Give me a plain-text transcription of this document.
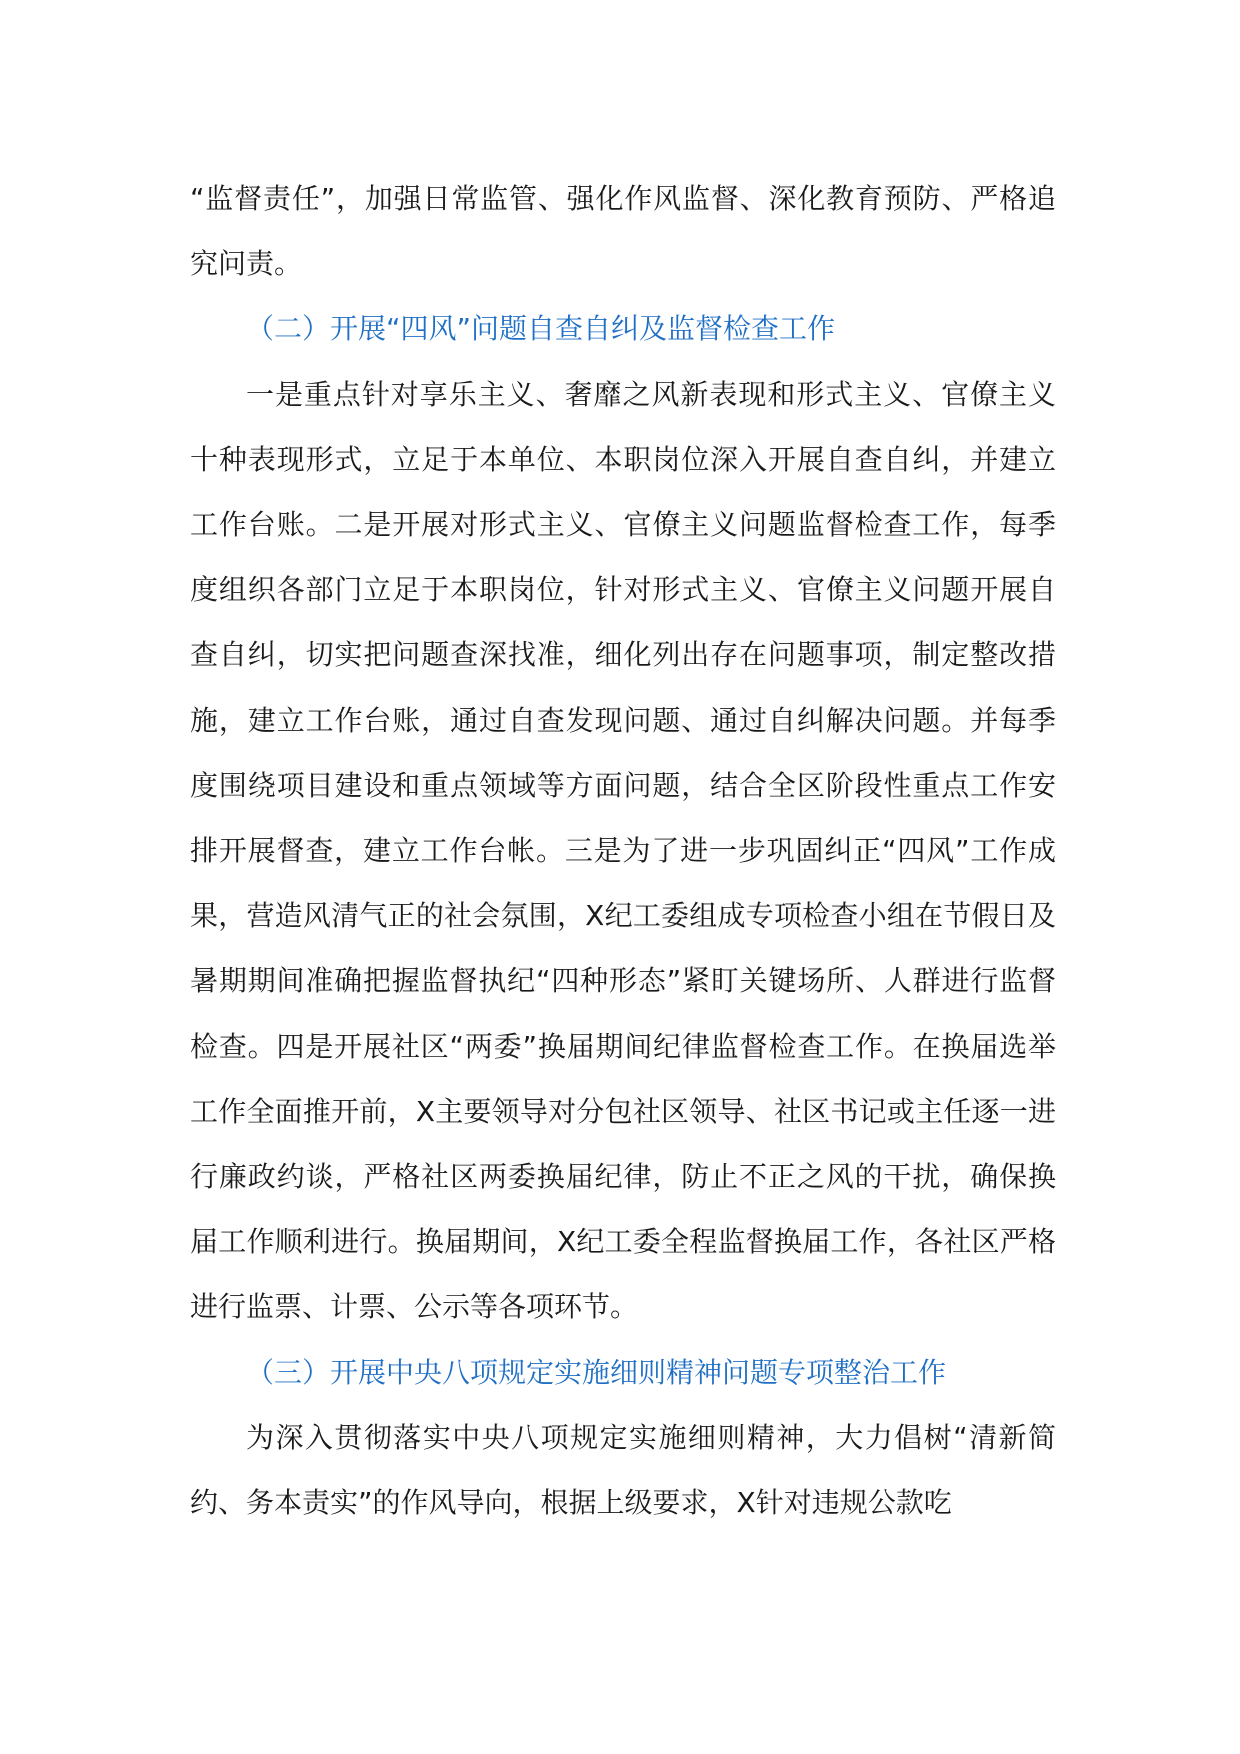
“监督责任”，加强日常监管、强化作风监督、深化教育预防、严格追究问责。

（二）开展“四风”问题自查自纠及监督检查工作

一是重点针对享乐主义、奢靡之风新表现和形式主义、官僚主义十种表现形式，立足于本单位、本职岗位深入开展自查自纠，并建立工作台账。二是开展对形式主义、官僚主义问题监督检查工作，每季度组织各部门立足于本职岗位，针对形式主义、官僚主义问题开展自查自纠，切实把问题查深找准，细化列出存在问题事项，制定整改措施，建立工作台账，通过自查发现问题、通过自纠解决问题。并每季度围绕项目建设和重点领域等方面问题，结合全区阶段性重点工作安排开展督查，建立工作台帐。三是为了进一步巩固纠正“四风”工作成果，营造风清气正的社会氛围，X纪工委组成专项检查小组在节假日及暑期期间准确把握监督执纪“四种形态”紧盯关键场所、人群进行监督检查。四是开展社区“两委”换届期间纪律监督检查工作。在换届选举工作全面推开前，X主要领导对分包社区领导、社区书记或主任逐一进行廉政约谈，严格社区两委换届纪律，防止不正之风的干扰，确保换届工作顺利进行。换届期间，X纪工委全程监督换届工作，各社区严格进行监票、计票、公示等各项环节。

（三）开展中央八项规定实施细则精神问题专项整治工作

为深入贯彻落实中央八项规定实施细则精神，大力倡树“清新简约、务本责实”的作风导向，根据上级要求，X针对违规公款吃
